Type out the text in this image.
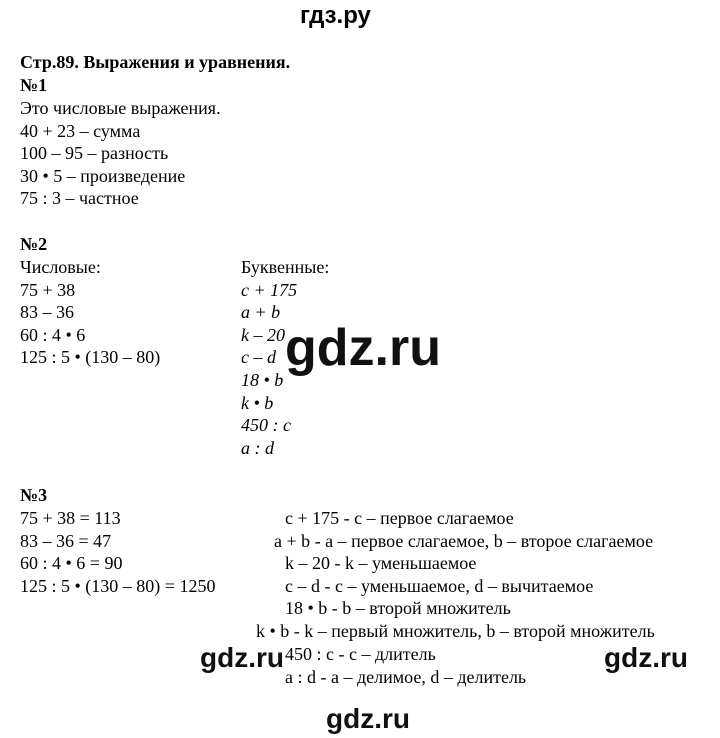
гдз.ру
Стр.89. Выражения и уравнения.
№1
Это числовые выражения.
40 + 23 – сумма
100 – 95 – разность
30 • 5 – произведение
75 : 3 – частное
№2
Числовые:
75 + 38
83 – 36
60 : 4 • 6
125 : 5 • (130 – 80)
Буквенные:
c + 175
a + b
k – 20
c – d
18 • b
k • b
450 : c
a : d
№3
75 + 38 = 113
83 – 36 = 47
60 : 4 • 6 = 90
125 : 5 • (130 – 80) = 1250
c + 175 - c – первое слагаемое
a + b - a – первое слагаемое, b – второе слагаемое
k – 20 - k – уменьшаемое
c – d - c – уменьшаемое, d – вычитаемое
18 • b - b – второй множитель
k • b - k – первый множитель, b – второй множитель
450 : c - c – длитель
a : d - a – делимое, d – делитель
gdz.ru
gdz.ru	gdz.ru
gdz.ru
